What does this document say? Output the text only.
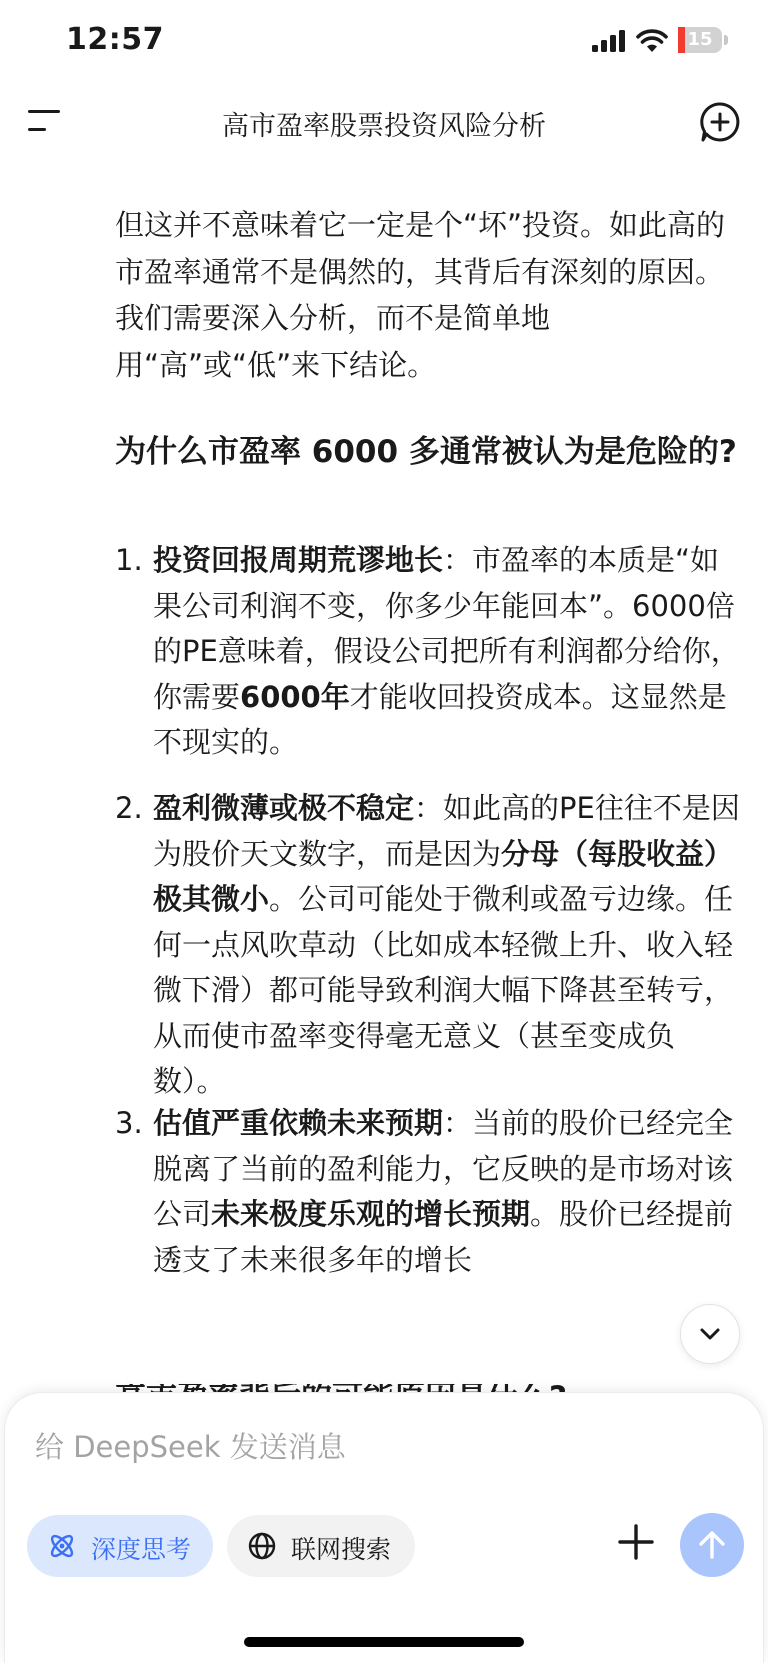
12:57	15
高市盈率股票投资风险分析

但这并不意味着它一定是个“坏”投资。如此高的市盈率通常不是偶然的，其背后有深刻的原因。我们需要深入分析，而不是简单地用“高”或“低”来下结论。

为什么市盈率 6000 多通常被认为是危险的?
1. 投资回报周期荒谬地长：市盈率的本质是“如果公司利润不变，你多少年能回本”。6000倍的PE意味着，假设公司把所有利润都分给你，你需要6000年才能收回投资成本。这显然是不现实的。
2. 盈利微薄或极不稳定：如此高的PE往往不是因为股价天文数字，而是因为分母（每股收益）极其微小。公司可能处于微利或盈亏边缘。任何一点风吹草动（比如成本轻微上升、收入轻微下滑）都可能导致利润大幅下降甚至转亏，从而使市盈率变得毫无意义（甚至变成负数）。
3. 估值严重依赖未来预期：当前的股价已经完全脱离了当前的盈利能力，它反映的是市场对该公司未来极度乐观的增长预期。股价已经提前透支了未来很多年的增长
给 DeepSeek 发送消息
深度思考	联网搜索
